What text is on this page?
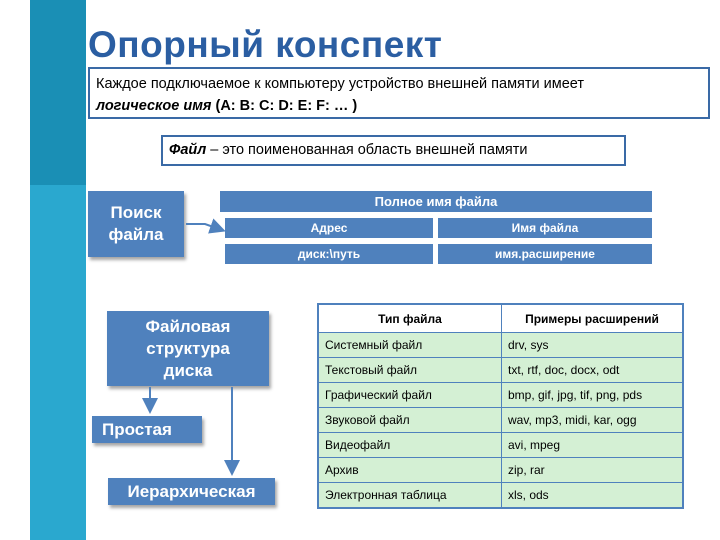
Опорный конспект
Каждое подключаемое к компьютеру устройство внешней памяти имеет
логическое имя (А: В: С: D: E: F: … )
Файл – это поименованная область внешней памяти
Поиск
файла
Полное имя файла
Адрес	Имя файла
диск:\путь	имя.расширение
Файловая
структура
диска
Простая
Иерархическая
Тип файла	Примеры расширений
Системный файл	drv, sys
Текстовый файл	txt, rtf, doc, docx, odt
Графический файл	bmp, gif, jpg, tif, png, pds
Звуковой файл	wav, mp3, midi, kar, ogg
Видеофайл	avi, mpeg
Архив	zip, rar
Электронная таблица	xls, ods
